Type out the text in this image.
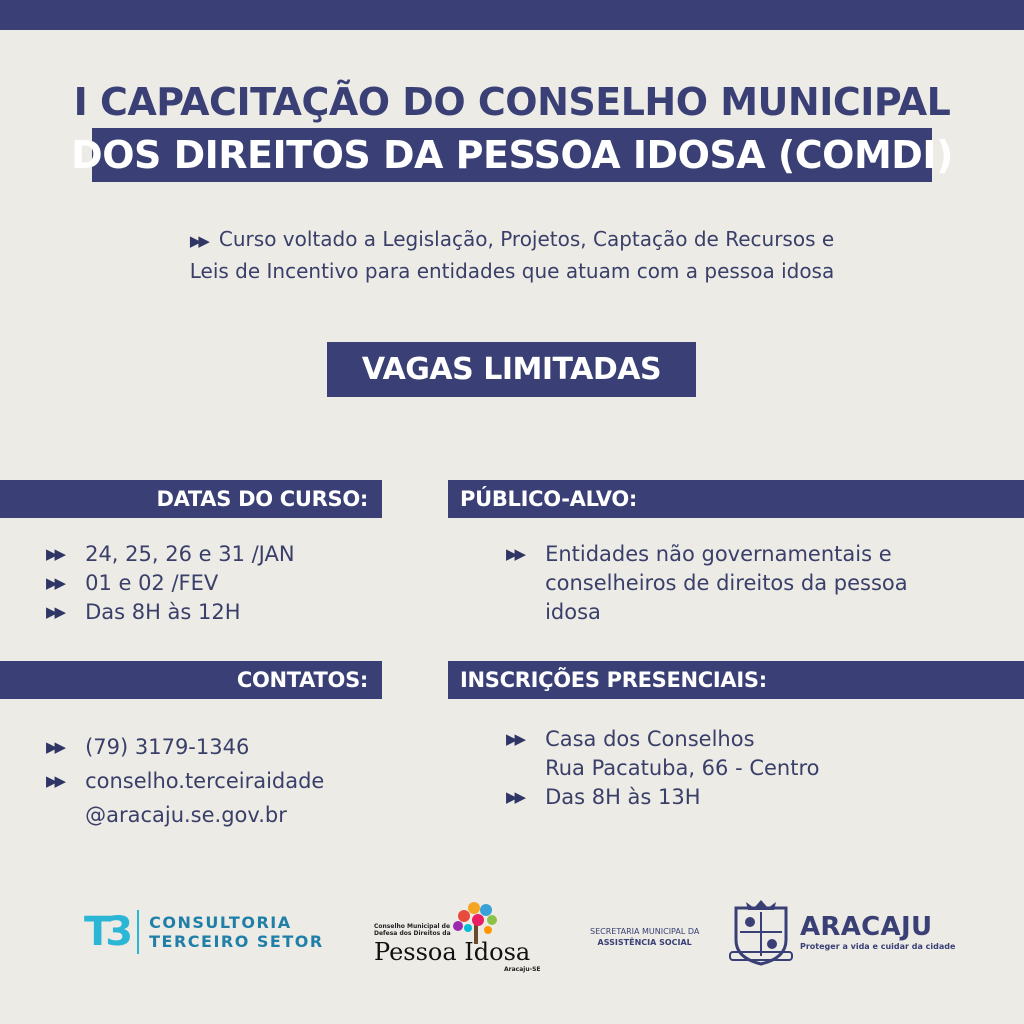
I CAPACITAÇÃO DO CONSELHO MUNICIPAL
DOS DIREITOS DA PESSOA IDOSA (COMDI)
▶▶ Curso voltado a Legislação, Projetos, Captação de Recursos e
Leis de Incentivo para entidades que atuam com a pessoa idosa
VAGAS LIMITADAS
DATAS DO CURSO:
▶▶ 24, 25, 26 e 31 /JAN
▶▶ 01 e 02 /FEV
▶▶ Das 8H às 12H
PÚBLICO-ALVO:
▶▶ Entidades não governamentais e
conselheiros de direitos da pessoa
idosa
CONTATOS:
▶▶ (79) 3179-1346
▶▶ conselho.terceiraidade
@aracaju.se.gov.br
INSCRIÇÕES PRESENCIAIS:
▶▶ Casa dos Conselhos
Rua Pacatuba, 66 - Centro
▶▶ Das 8H às 13H
T3	CONSULTORIA
TERCEIRO SETOR
Conselho Municipal de
Defesa dos Direitos da
Pessoa Idosa
Aracaju-SE
SECRETARIA MUNICIPAL DA
ASSISTÊNCIA SOCIAL
ARACAJU
Proteger a vida e cuidar da cidade
